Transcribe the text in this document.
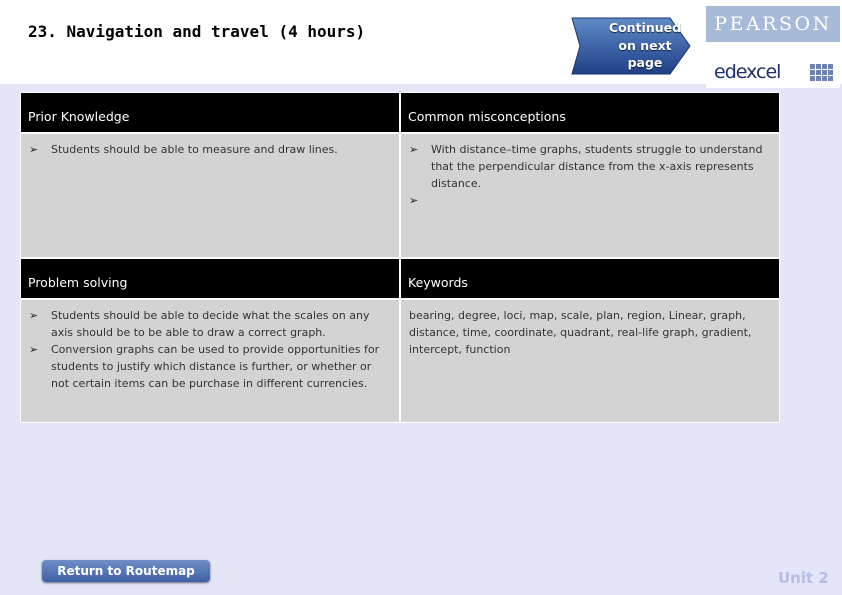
23. Navigation and travel (4 hours)	Continued
on next
page
PEARSON
edexcel
Prior Knowledge	Common misconceptions
➢ Students should be able to measure and draw lines.
➢	With distance–time graphs, students struggle to understand that the perpendicular distance from the x-axis represents distance.
➢
Problem solving	Keywords
➢ Students should be able to decide what the scales on any axis should be to be able to draw a correct graph.
➢ Conversion graphs can be used to provide opportunities for students to justify which distance is further, or whether or not certain items can be purchase in different currencies.
bearing, degree, loci, map, scale, plan, region, Linear, graph, distance, time, coordinate, quadrant, real-life graph, gradient, intercept, function
Return to Routemap	Unit 2
